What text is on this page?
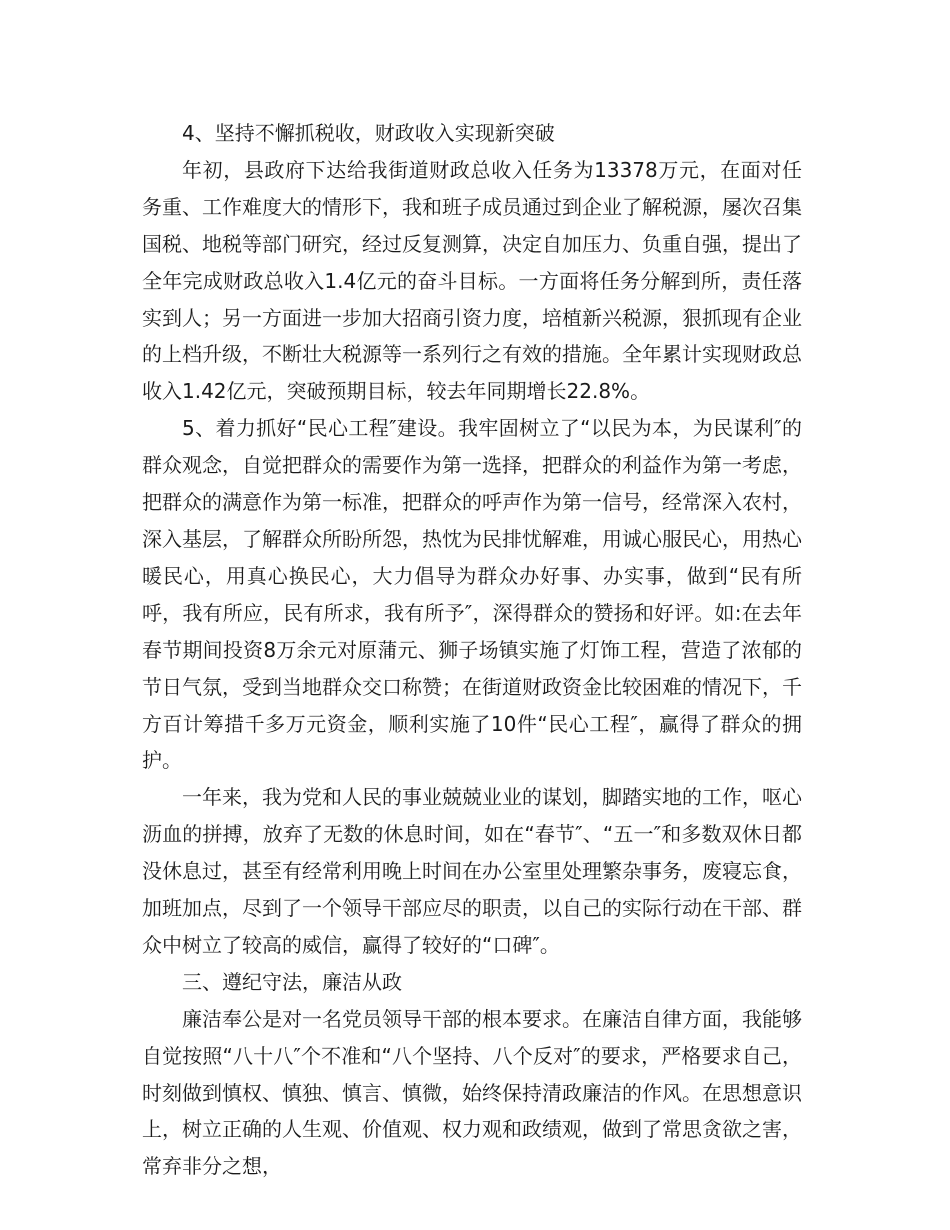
4、坚持不懈抓税收，财政收入实现新突破

年初，县政府下达给我街道财政总收入任务为13378万元，在面对任务重、工作难度大的情形下，我和班子成员通过到企业了解税源，屡次召集国税、地税等部门研究，经过反复测算，决定自加压力、负重自强，提出了全年完成财政总收入1.4亿元的奋斗目标。一方面将任务分解到所，责任落实到人；另一方面进一步加大招商引资力度，培植新兴税源，狠抓现有企业的上档升级，不断壮大税源等一系列行之有效的措施。全年累计实现财政总收入1.42亿元，突破预期目标，较去年同期增长22.8%。

5、着力抓好“民心工程″建设。我牢固树立了“以民为本，为民谋利″的群众观念，自觉把群众的需要作为第一选择，把群众的利益作为第一考虑，把群众的满意作为第一标准，把群众的呼声作为第一信号，经常深入农村，深入基层，了解群众所盼所怨，热忱为民排忧解难，用诚心服民心，用热心暖民心，用真心换民心，大力倡导为群众办好事、办实事，做到“民有所呼，我有所应，民有所求，我有所予″，深得群众的赞扬和好评。如:在去年春节期间投资8万余元对原蒲元、狮子场镇实施了灯饰工程，营造了浓郁的节日气氛，受到当地群众交口称赞；在街道财政资金比较困难的情况下，千方百计筹措千多万元资金，顺利实施了10件“民心工程″，赢得了群众的拥护。

一年来，我为党和人民的事业兢兢业业的谋划，脚踏实地的工作，呕心沥血的拼搏，放弃了无数的休息时间，如在“春节″、“五一″和多数双休日都没休息过，甚至有经常利用晚上时间在办公室里处理繁杂事务，废寝忘食，加班加点，尽到了一个领导干部应尽的职责，以自己的实际行动在干部、群众中树立了较高的威信，赢得了较好的“口碑″。

三、遵纪守法，廉洁从政

廉洁奉公是对一名党员领导干部的根本要求。在廉洁自律方面，我能够自觉按照“八十八″个不准和“八个坚持、八个反对″的要求，严格要求自己，时刻做到慎权、慎独、慎言、慎微，始终保持清政廉洁的作风。在思想意识上，树立正确的人生观、价值观、权力观和政绩观，做到了常思贪欲之害，常弃非分之想，
